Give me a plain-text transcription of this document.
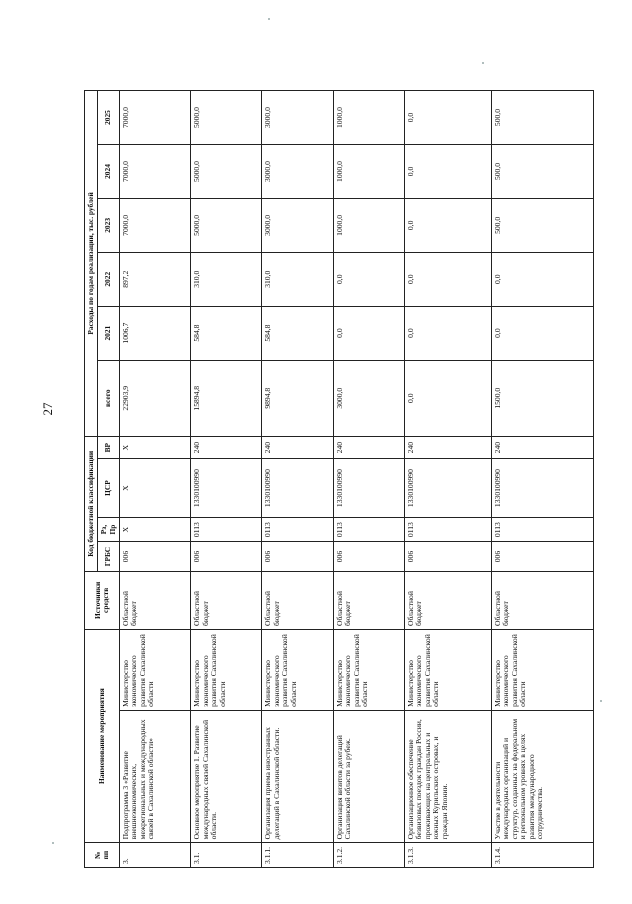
27
№ пп	Наименование мероприятия		Источники средств	Код бюджетной классификации				Расходы по годам реализации, тыс. рублей					
				ГРБС	Рз, Пр	ЦСР	ВР	всего	2021	2022	2023	2024	2025
3.	Подпрограмма 3 «Развитие внешнеэкономических, межрегиональных и международных связей в Сахалинской области»	Министерство экономического развития Сахалинской области	Областной бюджет	006	X	X	X	22903,9	1006,7	897,2	7000,0	7000,0	7000,0
3.1.	Основное мероприятие 1. Развитие международных связей Сахалинской области.	Министерство экономического развития Сахалинской области	Областной бюджет	006	0113	1330100990	240	15894,8	584,8	310,0	5000,0	5000,0	5000,0
3.1.1.	Организация приема иностранных делегаций в Сахалинской области.	Министерство экономического развития Сахалинской области	Областной бюджет	006	0113	1330100990	240	9894,8	584,8	310,0	3000,0	3000,0	3000,0
3.1.2.	Организация визитов делегаций Сахалинской области за рубеж.	Министерство экономического развития Сахалинской области	Областной бюджет	006	0113	1330100990	240	3000,0	0,0	0,0	1000,0	1000,0	1000,0
3.1.3.	Организационное обеспечение безвизовых поездок граждан России, проживающих на центральных и южных Курильских островах, и граждан Японии.	Министерство экономического развития Сахалинской области	Областной бюджет	006	0113	1330100990	240	0,0	0,0	0,0	0,0	0,0	0,0
3.1.4.	Участие в деятельности международных организаций и структур, созданных на федеральном и региональном уровнях в целях развития международного сотрудничества.	Министерство экономического развития Сахалинской области	Областной бюджет	006	0113	1330100990	240	1500,0	0,0	0,0	500,0	500,0	500,0
